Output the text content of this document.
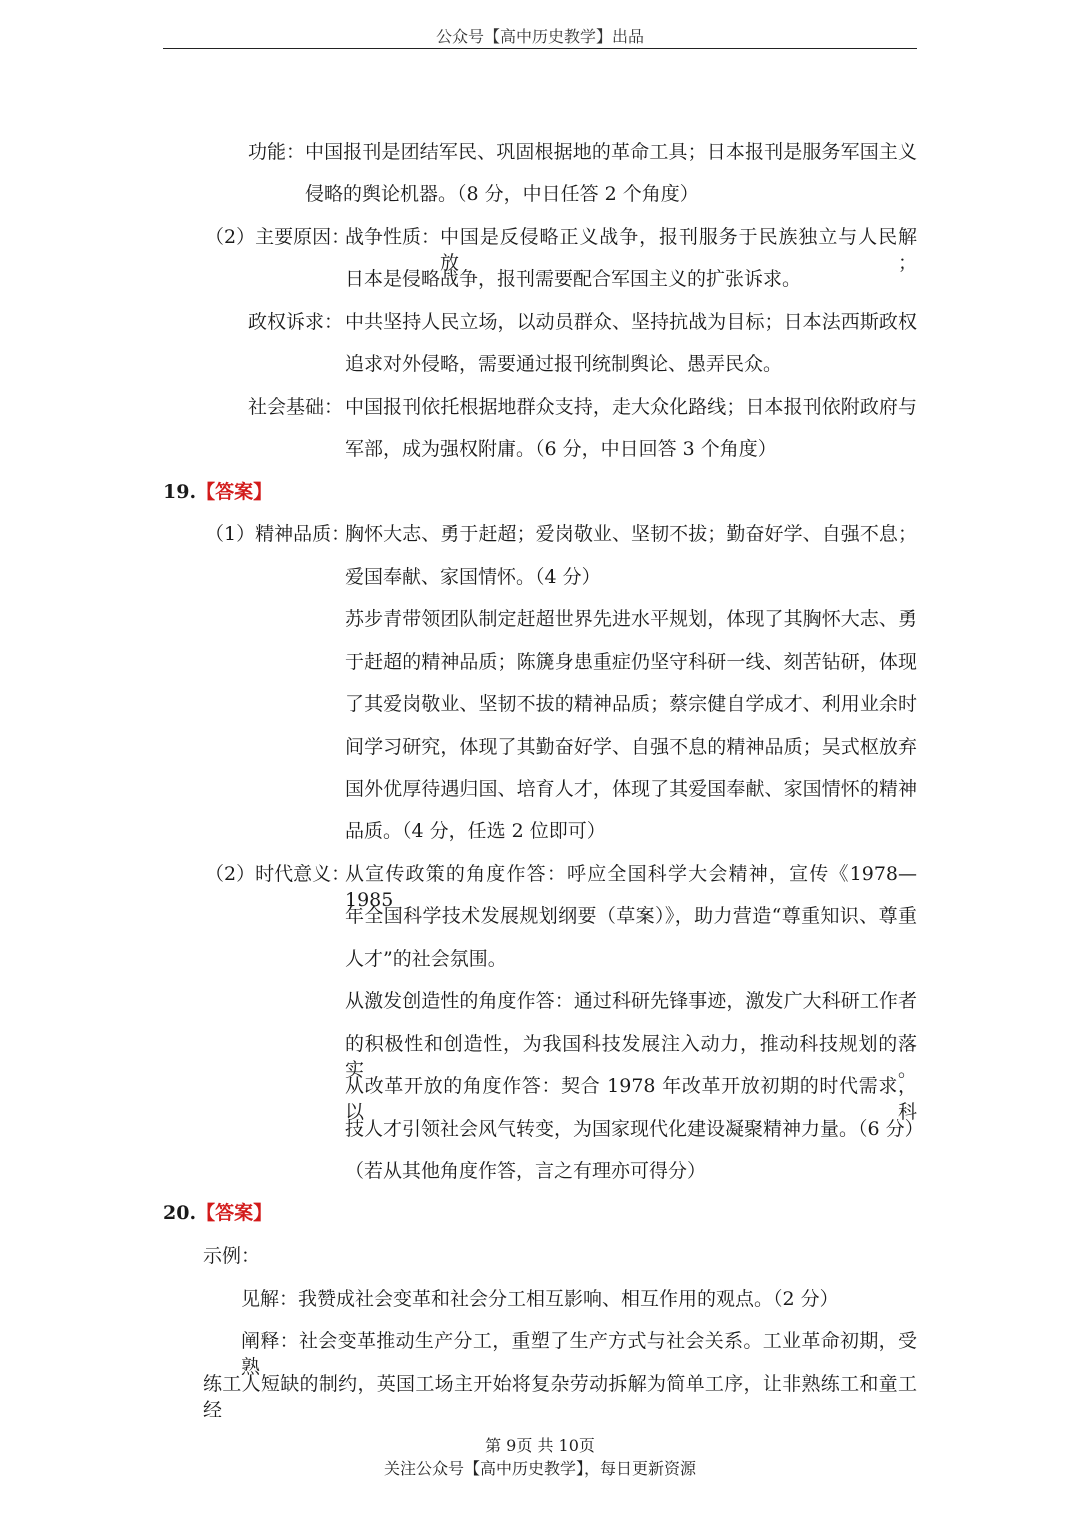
公众号【高中历史教学】出品
功能： 中国报刊是团结军民、巩固根据地的革命工具；日本报刊是服务军国主义
侵略的舆论机器。（8 分，中日任答 2 个角度）
（2）主要原因：
战争性质： 中国是反侵略正义战争，报刊服务于民族独立与人民解放；
日本是侵略战争，报刊需要配合军国主义的扩张诉求。
政权诉求： 中共坚持人民立场，以动员群众、坚持抗战为目标；日本法西斯政权
追求对外侵略，需要通过报刊统制舆论、愚弄民众。
社会基础： 中国报刊依托根据地群众支持，走大众化路线；日本报刊依附政府与
军部，成为强权附庸。（6 分，中日回答 3 个角度）
19.【答案】
（1）精神品质：
胸怀大志、勇于赶超；爱岗敬业、坚韧不拔；勤奋好学、自强不息；
爱国奉献、家国情怀。（4 分）
苏步青带领团队制定赶超世界先进水平规划，体现了其胸怀大志、勇
于赶超的精神品质；陈篪身患重症仍坚守科研一线、刻苦钻研，体现
了其爱岗敬业、坚韧不拔的精神品质；蔡宗健自学成才、利用业余时
间学习研究，体现了其勤奋好学、自强不息的精神品质；吴式枢放弃
国外优厚待遇归国、培育人才，体现了其爱国奉献、家国情怀的精神
品质。（4 分，任选 2 位即可）
（2）时代意义：
从宣传政策的角度作答：呼应全国科学大会精神，宣传《1978—1985
年全国科学技术发展规划纲要（草案）》，助力营造“尊重知识、尊重
人才”的社会氛围。
从激发创造性的角度作答：通过科研先锋事迹，激发广大科研工作者
的积极性和创造性，为我国科技发展注入动力，推动科技规划的落实。
从改革开放的角度作答：契合 1978 年改革开放初期的时代需求，以科
技人才引领社会风气转变，为国家现代化建设凝聚精神力量。（6 分）
（若从其他角度作答，言之有理亦可得分）
20.【答案】
示例：
见解：我赞成社会变革和社会分工相互影响、相互作用的观点。（2 分）
阐释：社会变革推动生产分工，重塑了生产方式与社会关系。工业革命初期，受熟
练工人短缺的制约，英国工场主开始将复杂劳动拆解为简单工序，让非熟练工和童工经
第 9页 共 10页
关注公众号【高中历史教学】，每日更新资源
